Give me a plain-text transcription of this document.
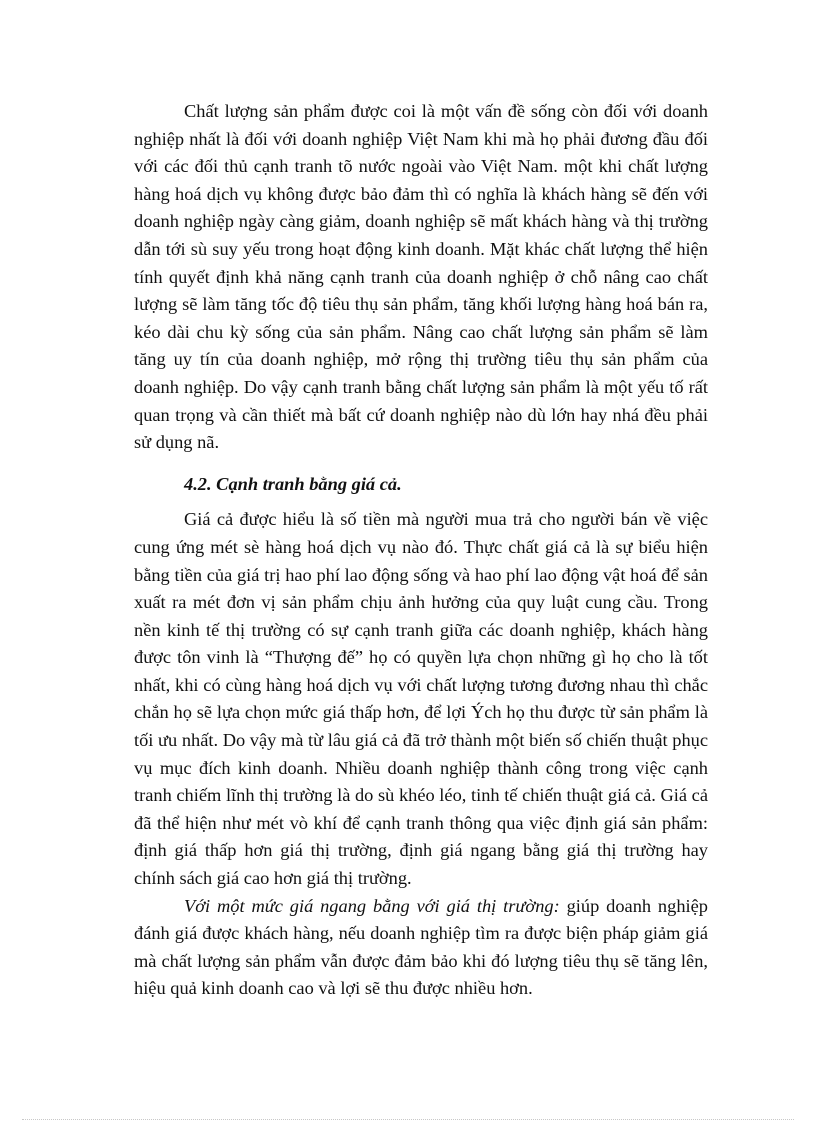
Chất lượng sản phẩm được coi là một vấn đề sống còn đối với doanh nghiệp nhất là đối với doanh nghiệp Việt Nam khi mà họ phải đương đầu đối với các đối thủ cạnh tranh tõ nước ngoài vào Việt Nam. một khi chất lượng hàng hoá dịch vụ không được bảo đảm thì có nghĩa là khách hàng sẽ đến với doanh nghiệp ngày càng giảm, doanh nghiệp sẽ mất khách hàng và thị trường dẫn tới sù suy yếu trong hoạt động kinh doanh. Mặt khác chất lượng thể hiện tính quyết định khả năng cạnh tranh của doanh nghiệp ở chỗ nâng cao chất lượng sẽ làm tăng tốc độ tiêu thụ sản phẩm, tăng khối lượng hàng hoá bán ra, kéo dài chu kỳ sống của sản phẩm. Nâng cao chất lượng sản phẩm sẽ làm tăng uy tín của doanh nghiệp, mở rộng thị trường tiêu thụ sản phẩm của doanh nghiệp. Do vậy cạnh tranh bằng chất lượng sản phẩm là một yếu tố rất quan trọng và cần thiết mà bất cứ doanh nghiệp nào dù lớn hay nhá đều phải sử dụng nã.

4.2. Cạnh tranh bằng giá cả.

Giá cả được hiểu là số tiền mà người mua trả cho người bán về việc cung ứng mét sè hàng hoá dịch vụ nào đó. Thực chất giá cả là sự biểu hiện bằng tiền của giá trị hao phí lao động sống và hao phí lao động vật hoá để sản xuất ra mét đơn vị sản phẩm chịu ảnh hưởng của quy luật cung cầu. Trong nền kinh tế thị trường có sự cạnh tranh giữa các doanh nghiệp, khách hàng được tôn vinh là “Thượng đế” họ có quyền lựa chọn những gì họ cho là tốt nhất, khi có cùng hàng hoá dịch vụ với chất lượng tương đương nhau thì chắc chắn họ sẽ lựa chọn mức giá thấp hơn, để lợi Ých họ thu được từ sản phẩm là tối ưu nhất. Do vậy mà từ lâu giá cả đã trở thành một biến số chiến thuật phục vụ mục đích kinh doanh. Nhiều doanh nghiệp thành công trong việc cạnh tranh chiếm lĩnh thị trường là do sù khéo léo, tinh tế chiến thuật giá cả. Giá cả đã thể hiện như mét vò khí để cạnh tranh thông qua việc định giá sản phẩm: định giá thấp hơn giá thị trường, định giá ngang bằng giá thị trường hay chính sách giá cao hơn giá thị trường.

Với một mức giá ngang bằng với giá thị trường: giúp doanh nghiệp đánh giá được khách hàng, nếu doanh nghiệp tìm ra được biện pháp giảm giá mà chất lượng sản phẩm vẫn được đảm bảo khi đó lượng tiêu thụ sẽ tăng lên, hiệu quả kinh doanh cao và lợi sẽ thu được nhiều hơn.
